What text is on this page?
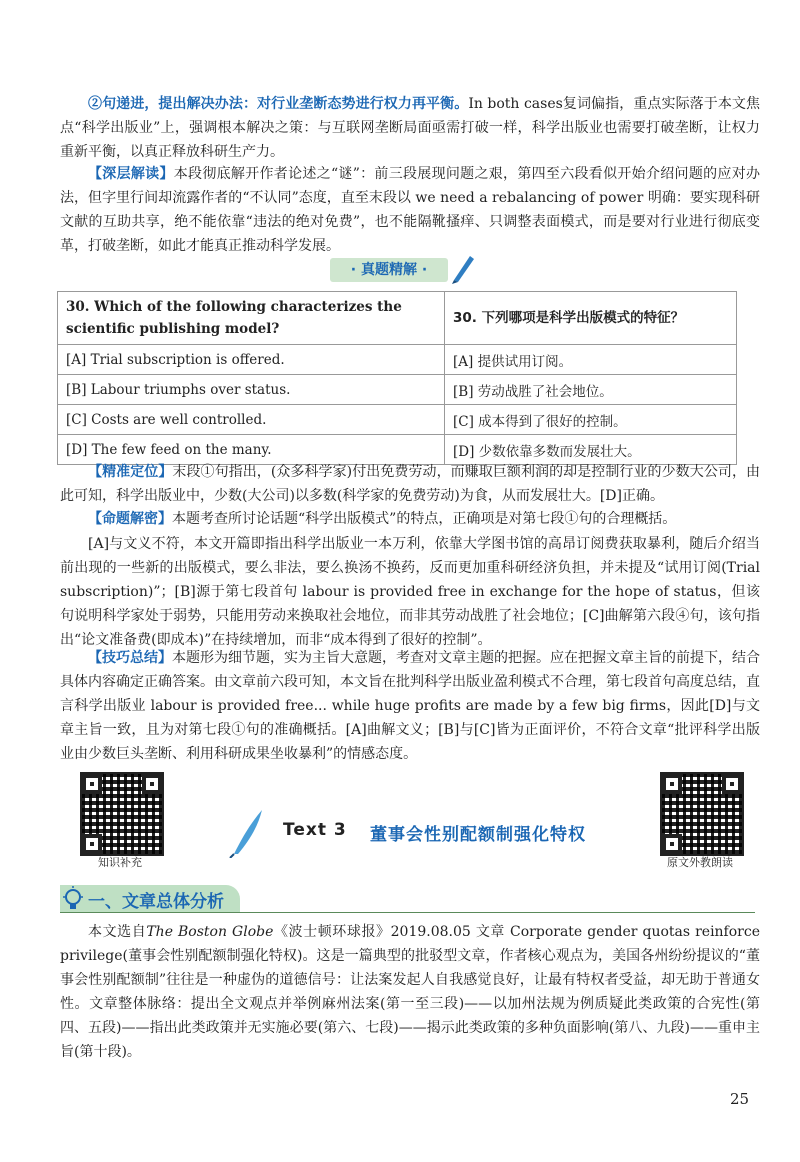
②句递进，提出解决办法：对行业垄断态势进行权力再平衡。In both cases复词偏指，重点实际落于本文焦点“科学出版业”上，强调根本解决之策：与互联网垄断局面亟需打破一样，科学出版业也需要打破垄断，让权力重新平衡，以真正释放科研生产力。
【深层解读】本段彻底解开作者论述之“谜”：前三段展现问题之艰，第四至六段看似开始介绍问题的应对办法，但字里行间却流露作者的“不认同”态度，直至末段以 we need a rebalancing of power 明确：要实现科研文献的互助共享，绝不能依靠“违法的绝对免费”，也不能隔靴搔痒、只调整表面模式，而是要对行业进行彻底变革，打破垄断，如此才能真正推动科学发展。
· 真题精解 ·
30. Which of the following characterizes the scientific publishing model?	30. 下列哪项是科学出版模式的特征？
[A] Trial subscription is offered.	[A] 提供试用订阅。
[B] Labour triumphs over status.	[B] 劳动战胜了社会地位。
[C] Costs are well controlled.	[C] 成本得到了很好的控制。
[D] The few feed on the many.	[D] 少数依靠多数而发展壮大。
【精准定位】末段①句指出，(众多科学家)付出免费劳动，而赚取巨额利润的却是控制行业的少数大公司，由此可知，科学出版业中，少数(大公司)以多数(科学家的免费劳动)为食，从而发展壮大。[D]正确。
【命题解密】本题考查所讨论话题“科学出版模式”的特点，正确项是对第七段①句的合理概括。
[A]与文义不符，本文开篇即指出科学出版业一本万利，依靠大学图书馆的高昂订阅费获取暴利，随后介绍当前出现的一些新的出版模式，要么非法，要么换汤不换药，反而更加重科研经济负担，并未提及“试用订阅(Trial subscription)”；[B]源于第七段首句 labour is provided free in exchange for the hope of status，但该句说明科学家处于弱势，只能用劳动来换取社会地位，而非其劳动战胜了社会地位；[C]曲解第六段④句，该句指出“论文准备费(即成本)”在持续增加，而非“成本得到了很好的控制”。
【技巧总结】本题形为细节题，实为主旨大意题，考查对文章主题的把握。应在把握文章主旨的前提下，结合具体内容确定正确答案。由文章前六段可知，本文旨在批判科学出版业盈利模式不合理，第七段首句高度总结，直言科学出版业 labour is provided free... while huge profits are made by a few big firms，因此[D]与文章主旨一致，且为对第七段①句的准确概括。[A]曲解文义；[B]与[C]皆为正面评价，不符合文章“批评科学出版业由少数巨头垄断、利用科研成果坐收暴利”的情感态度。
知识补充
Text 3 董事会性别配额制强化特权
原文外教朗读
一、文章总体分析
本文选自The Boston Globe《波士顿环球报》2019.08.05 文章 Corporate gender quotas reinforce privilege(董事会性别配额制强化特权)。这是一篇典型的批驳型文章，作者核心观点为，美国各州纷纷提议的“董事会性别配额制”往往是一种虚伪的道德信号：让法案发起人自我感觉良好，让最有特权者受益，却无助于普通女性。文章整体脉络：提出全文观点并举例麻州法案(第一至三段)——以加州法规为例质疑此类政策的合宪性(第四、五段)——指出此类政策并无实施必要(第六、七段)——揭示此类政策的多种负面影响(第八、九段)——重申主旨(第十段)。
25
